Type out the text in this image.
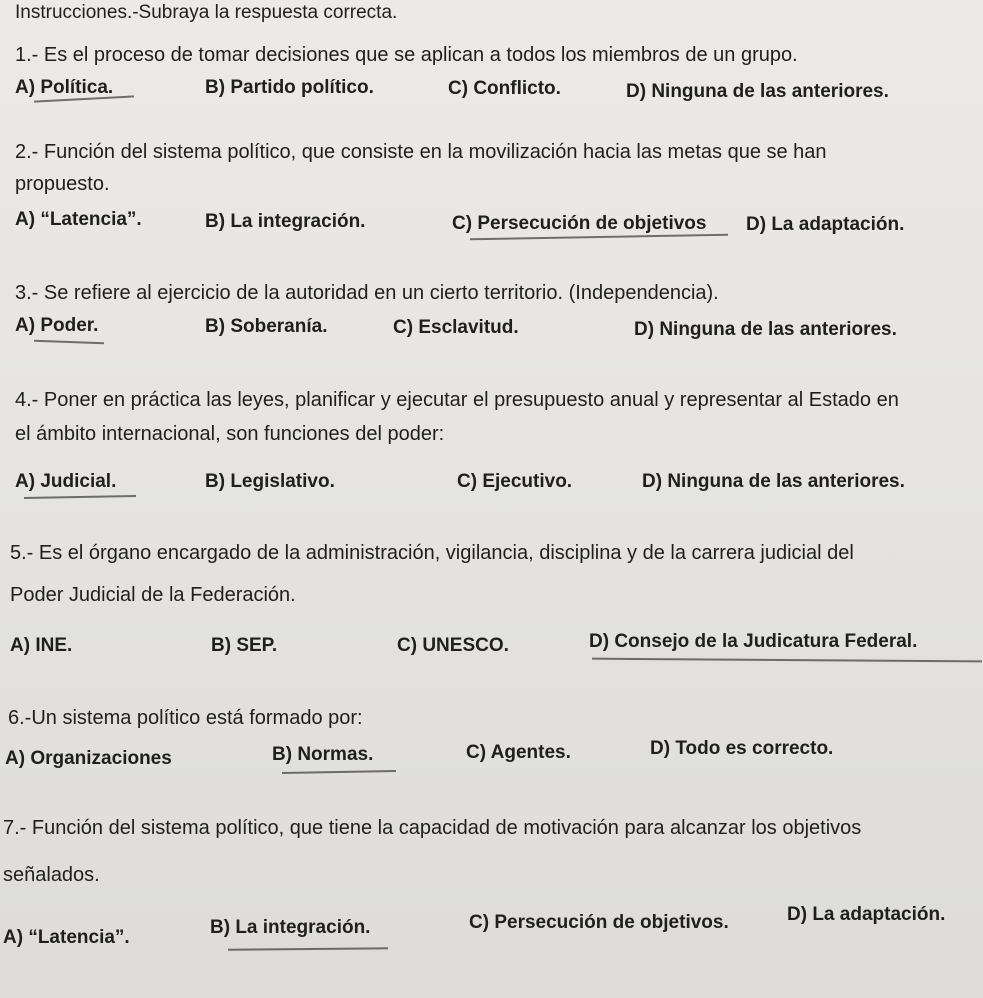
Instrucciones.-Subraya la respuesta correcta.
1.- Es el proceso de tomar decisiones que se aplican a todos los miembros de un grupo.
A) Política.	B) Partido político.	C) Conflicto.	D) Ninguna de las anteriores.
2.- Función del sistema político, que consiste en la movilización hacia las metas que se han
propuesto.
A) “Latencia”.	B) La integración.	C) Persecución de objetivos D) La adaptación.
3.- Se refiere al ejercicio de la autoridad en un cierto territorio. (Independencia).
A) Poder.	B) Soberanía.	C) Esclavitud.	D) Ninguna de las anteriores.
4.- Poner en práctica las leyes, planificar y ejecutar el presupuesto anual y representar al Estado en
el ámbito internacional, son funciones del poder:
A) Judicial.	B) Legislativo.	C) Ejecutivo.	D) Ninguna de las anteriores.
5.- Es el órgano encargado de la administración, vigilancia, disciplina y de la carrera judicial del
Poder Judicial de la Federación.
A) INE.	B) SEP.	C) UNESCO.	D) Consejo de la Judicatura Federal.
6.-Un sistema político está formado por:
A) Organizaciones	B) Normas.	C) Agentes.	D) Todo es correcto.
7.- Función del sistema político, que tiene la capacidad de motivación para alcanzar los objetivos
señalados.
A) “Latencia”.	B) La integración.	C) Persecución de objetivos.	D) La adaptación.
